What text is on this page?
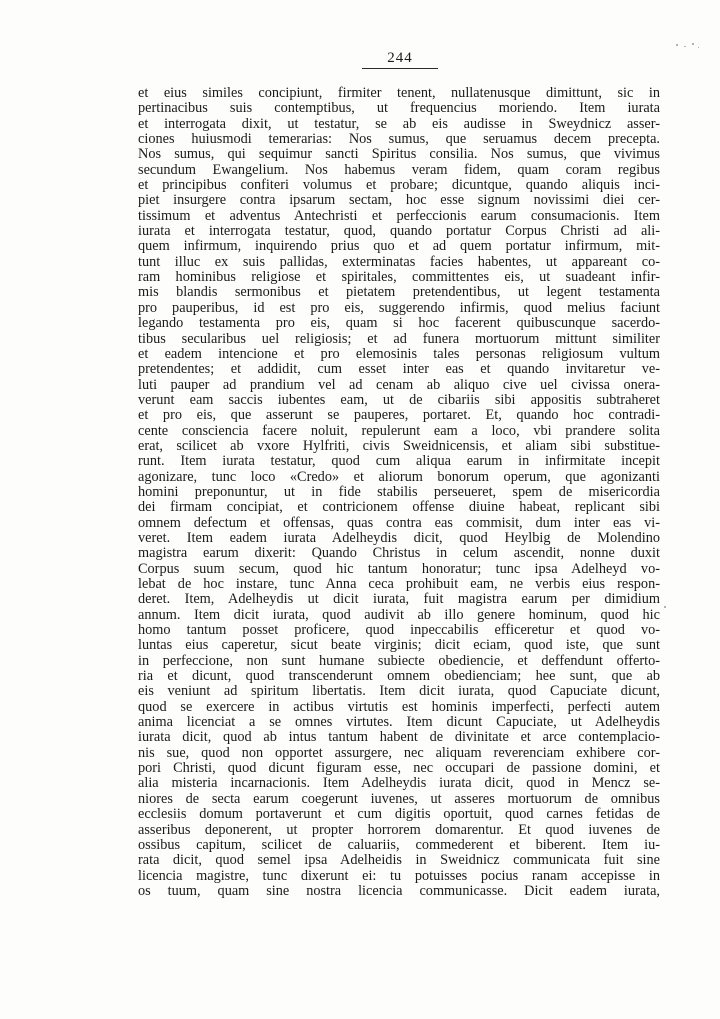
244
et eius similes concipiunt, firmiter tenent, nullatenusque dimittunt, sic in
pertinacibus suis contemptibus, ut frequencius moriendo. Item iurata
et interrogata dixit, ut testatur, se ab eis audisse in Sweydnicz asser-
ciones huiusmodi temerarias: Nos sumus, que seruamus decem precepta.
Nos sumus, qui sequimur sancti Spiritus consilia. Nos sumus, que vivimus
secundum Ewangelium. Nos habemus veram fidem, quam coram regibus
et principibus confiteri volumus et probare; dicuntque, quando aliquis inci-
piet insurgere contra ipsarum sectam, hoc esse signum novissimi diei cer-
tissimum et adventus Antechristi et perfeccionis earum consumacionis. Item
iurata et interrogata testatur, quod, quando portatur Corpus Christi ad ali-
quem infirmum, inquirendo prius quo et ad quem portatur infirmum, mit-
tunt illuc ex suis pallidas, exterminatas facies habentes, ut appareant co-
ram hominibus religiose et spiritales, committentes eis, ut suadeant infir-
mis blandis sermonibus et pietatem pretendentibus, ut legent testamenta
pro pauperibus, id est pro eis, suggerendo infirmis, quod melius faciunt
legando testamenta pro eis, quam si hoc facerent quibuscunque sacerdo-
tibus secularibus uel religiosis; et ad funera mortuorum mittunt similiter
et eadem intencione et pro elemosinis tales personas religiosum vultum
pretendentes; et addidit, cum esset inter eas et quando invitaretur ve-
luti pauper ad prandium vel ad cenam ab aliquo cive uel civissa onera-
verunt eam saccis iubentes eam, ut de cibariis sibi appositis subtraheret
et pro eis, que asserunt se pauperes, portaret. Et, quando hoc contradi-
cente consciencia facere noluit, repulerunt eam a loco, vbi prandere solita
erat, scilicet ab vxore Hylfriti, civis Sweidnicensis, et aliam sibi substitue-
runt. Item iurata testatur, quod cum aliqua earum in infirmitate incepit
agonizare, tunc loco «Credo» et aliorum bonorum operum, que agonizanti
homini preponuntur, ut in fide stabilis perseueret, spem de misericordia
dei firmam concipiat, et contricionem offense diuine habeat, replicant sibi
omnem defectum et offensas, quas contra eas commisit, dum inter eas vi-
veret. Item eadem iurata Adelheydis dicit, quod Heylbig de Molendino
magistra earum dixerit: Quando Christus in celum ascendit, nonne duxit
Corpus suum secum, quod hic tantum honoratur; tunc ipsa Adelheyd vo-
lebat de hoc instare, tunc Anna ceca prohibuit eam, ne verbis eius respon-
deret. Item, Adelheydis ut dicit iurata, fuit magistra earum per dimidium
annum. Item dicit iurata, quod audivit ab illo genere hominum, quod hic
homo tantum posset proficere, quod inpeccabilis efficeretur et quod vo-
luntas eius caperetur, sicut beate virginis; dicit eciam, quod iste, que sunt
in perfeccione, non sunt humane subiecte obediencie, et deffendunt offerto-
ria et dicunt, quod transcenderunt omnem obedienciam; hee sunt, que ab
eis veniunt ad spiritum libertatis. Item dicit iurata, quod Capuciate dicunt,
quod se exercere in actibus virtutis est hominis imperfecti, perfecti autem
anima licenciat a se omnes virtutes. Item dicunt Capuciate, ut Adelheydis
iurata dicit, quod ab intus tantum habent de divinitate et arce contemplacio-
nis sue, quod non opportet assurgere, nec aliquam reverenciam exhibere cor-
pori Christi, quod dicunt figuram esse, nec occupari de passione domini, et
alia misteria incarnacionis. Item Adelheydis iurata dicit, quod in Mencz se-
niores de secta earum coegerunt iuvenes, ut asseres mortuorum de omnibus
ecclesiis domum portaverunt et cum digitis oportuit, quod carnes fetidas de
asseribus deponerent, ut propter horrorem domarentur. Et quod iuvenes de
ossibus capitum, scilicet de caluariis, commederent et biberent. Item iu-
rata dicit, quod semel ipsa Adelheidis in Sweidnicz communicata fuit sine
licencia magistre, tunc dixerunt ei: tu potuisses pocius ranam accepisse in
os tuum, quam sine nostra licencia communicasse. Dicit eadem iurata,
